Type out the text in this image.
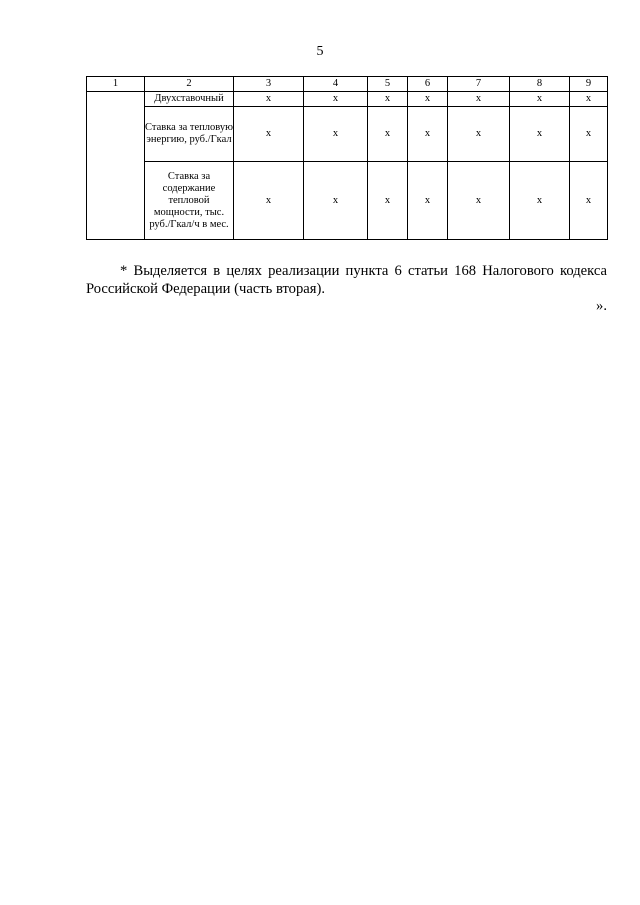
5
1	2	3	4	5	6	7	8	9
	Двухставочный	x	x	x	x	x	x	x
	Ставка за тепловую энергию, руб./Гкал	x	x	x	x	x	x	x
	Ставка за содержание тепловой мощности, тыс. руб./Гкал/ч в мес.	x	x	x	x	x	x	x
* Выделяется в целях реализации пункта 6 статьи 168 Налогового кодекса
Российской Федерации (часть вторая).
».
